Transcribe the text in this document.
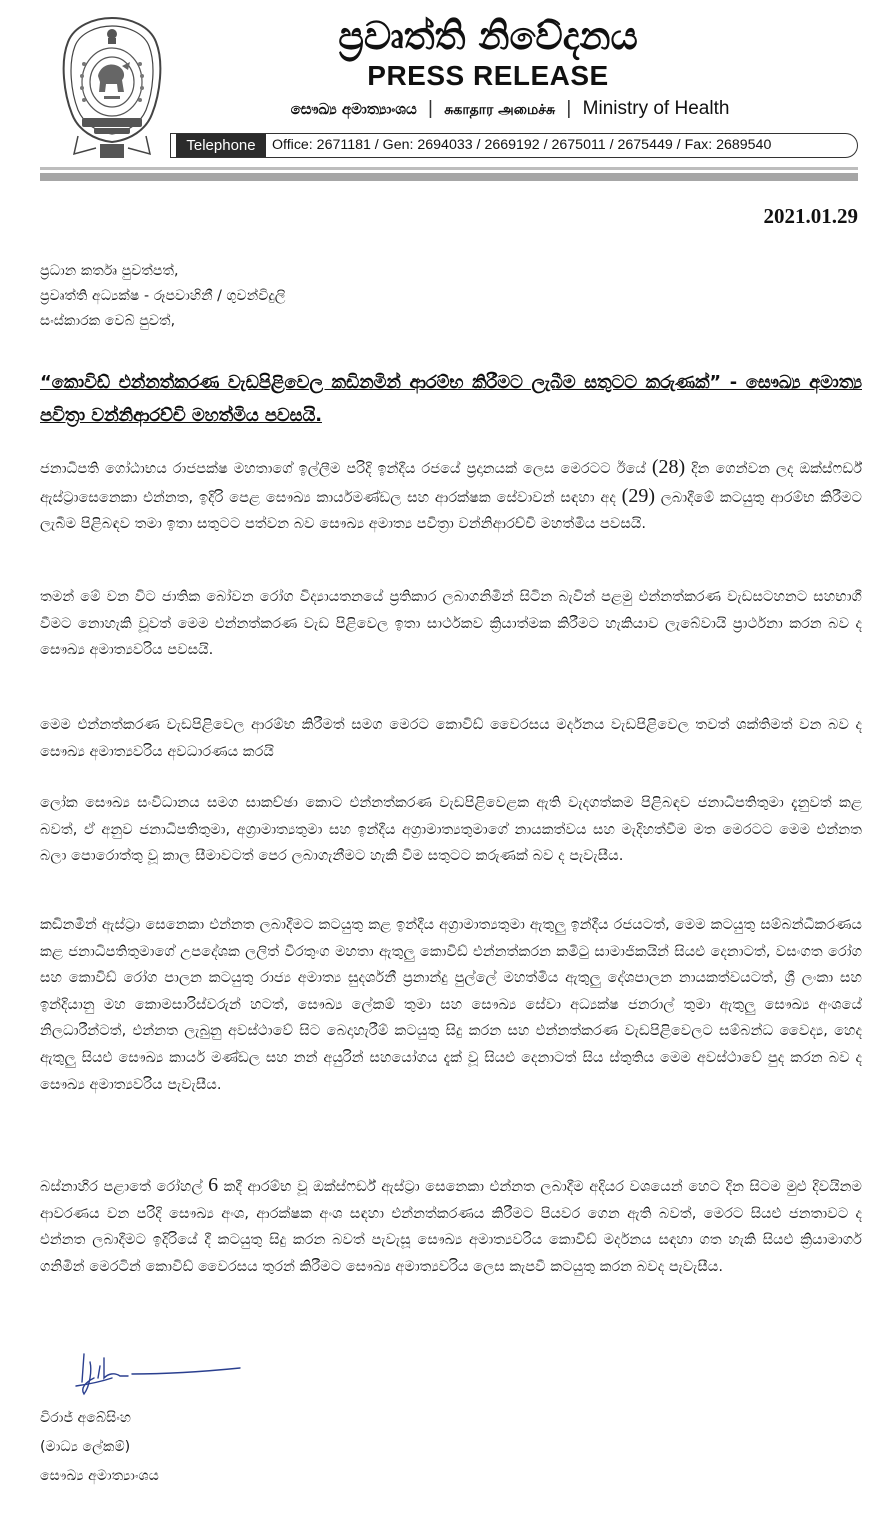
ප්‍රවෘත්ති නිවේදනය
PRESS RELEASE
සෞඛ්‍ය අමාත්‍යාංශය | சுகாதார அமைச்சு | Ministry of Health
Telephone	Office: 2671181 / Gen: 2694033 / 2669192 / 2675011 / 2675449 / Fax: 2689540
2021.01.29
ප්‍රධාන කර්තෘ පුවත්පත්,
ප්‍රවෘත්ති අධ්‍යක්ෂ - රූපවාහිනී / ගුවන්විදුලි
සංස්කාරක වෙබ් පුවත්,
“කොවිඩ් එන්නත්කරණ වැඩපිළිවෙල කඩිනමින් ආරම්භ කිරීමට ලැබීම සතුටට කරුණක්” - සෞඛ්‍ය අමාත්‍ය පවිත්‍රා වන්නිආරච්චි මහත්මිය පවසයි.
ජනාධිපති ගෝඨාභය රාජපක්ෂ මහතාගේ ඉල්ලීම පරිදි ඉන්දීය රජයේ ප්‍රදානයක් ලෙස මෙරටට ඊයේ (28) දින ගෙන්වන ලද ඔක්ස්ෆර්ඩ් ඇස්ට්‍රාසෙනෙකා එන්නත, ඉදිරි පෙළ සෞඛ්‍ය කාර්යමණ්ඩල සහ ආරක්ෂක සේවාවන් සඳහා අද (29) ලබාදීමේ කටයුතු ආරම්භ කිරීමට ලැබීම පිළිබඳව තමා ඉතා සතුටට පත්වන බව සෞඛ්‍ය අමාත්‍ය පවිත්‍රා වන්නිආරච්චි මහත්මිය පවසයි.
තමන් මේ වන විට ජාතික බෝවන රෝග විද්‍යායතනයේ ප්‍රතිකාර ලබාගනිමින් සිටින බැවින් පළමු එන්නත්කරණ වැඩසටහනට සහභාගී වීමට නොහැකි වූවත් මෙම එන්නත්කරණ වැඩ පිළිවෙල ඉතා සාර්ථකව ක්‍රියාත්මක කිරීමට හැකියාව ලැබේවායි ප්‍රාර්ථනා කරන බව ද සෞඛ්‍ය අමාත්‍යවරිය පවසයි.
මෙම එන්නත්කරණ වැඩපිළිවෙල ආරම්භ කිරීමත් සමග මෙරට කොවිඩ් වෛරසය මර්දනය වැඩපිළිවෙල තවත් ශක්තිමත් වන බව ද සෞඛ්‍ය අමාත්‍යවරිය අවධාරණය කරයි
ලෝක සෞඛ්‍ය සංවිධානය සමග සාකච්ඡා කොට එන්නත්කරණ වැඩපිළිවෙළක ඇති වැදගත්කම පිළිබඳව ජනාධිපතිතුමා දැනුවත් කළ බවත්, ඒ අනුව ජනාධිපතිතුමා, අග්‍රාමාත්‍යතුමා සහ ඉන්දීය අග්‍රාමාත්‍යතුමාගේ නායකත්වය සහ මැදිහත්වීම මත මෙරටට මෙම එන්නත බලා පොරොත්තු වූ කාල සීමාවටත් පෙර ලබාගැනීමට හැකි වීම සතුටට කරුණක් බව ද පැවැසීය.
කඩිනමින් ඇස්ට්‍රා සෙනෙකා එන්නත ලබාදීමට කටයුතු කළ ඉන්දීය අග්‍රාමාත්‍යතුමා ඇතුලු ඉන්දීය රජයටත්, මෙම කටයුතු සම්බන්ධීකරණය කළ ජනාධිපතිතුමාගේ උපදේශක ලලිත් වීරතුංග මහතා ඇතුලු කොවිඩ් එන්නත්කරන කමිටු සාමාජිකයින් සියළු දෙනාටත්, වසංගත රෝග සහ කොවිඩ් රෝග පාලන කටයුතු රාජ්‍ය අමාත්‍ය සුදර්ශනී ප්‍රනාන්දු පුල්ලේ මහත්මිය ඇතුලු දේශපාලන නායකත්වයටත්, ශ්‍රී ලංකා සහ ඉන්දියානු මහ කොමසාරිස්වරුන් හටත්, සෞඛ්‍ය ලේකම් තුමා සහ සෞඛ්‍ය සේවා අධ්‍යක්ෂ ජනරාල් තුමා ඇතුලු සෞඛ්‍ය අංශයේ නිලධාරීන්ටත්, එන්නත ලැබුනු අවස්ථාවේ සිට බෙදාහැරීම් කටයුතු සිදු කරන සහ එන්නත්කරණ වැඩපිළිවෙලට සම්බන්ධ වෛද්‍ය, හෙද ඇතුලු සියළු සෞඛ්‍ය කාර්ය මණ්ඩල සහ නන් අයුරින් සහයෝගය දැක් වූ සියළු දෙනාටත් සිය ස්තුතිය මෙම අවස්ථාවේ පුද කරන බව ද සෞඛ්‍ය අමාත්‍යවරිය පැවැසීය.
බස්නාහිර පළාතේ රෝහල් 6 කදී ආරම්භ වූ ඔක්ස්ෆර්ඩ් ඇස්ට්‍රා සෙනෙකා එන්නත ලබාදීම අදියර වශයෙන් හෙට දින සිටම මුළු දිවයිනම ආවරණය වන පරිදි සෞඛ්‍ය අංශ, ආරක්ෂක අංශ සඳහා එන්නත්කරණය කිරීමට පියවර ගෙන ඇති බවත්, මෙරට සියළු ජනතාවට ද එන්නත ලබාදීමට ඉදිරියේ දී කටයුතු සිදු කරන බවත් පැවැසූ සෞඛ්‍ය අමාත්‍යවරිය කොවිඩ් මර්දනය සඳහා ගත හැකි සියළු ක්‍රියාමාර්ග ගනිමින් මෙරටින් කොවිඩ් වෛරසය තුරන් කිරීමට සෞඛ්‍ය අමාත්‍යවරිය ලෙස කැපවී කටයුතු කරන බවද පැවැසීය.
විරාජ් අබේසිංහ
(මාධ්‍ය ලේකම්)
සෞඛ්‍ය අමාත්‍යාංශය
